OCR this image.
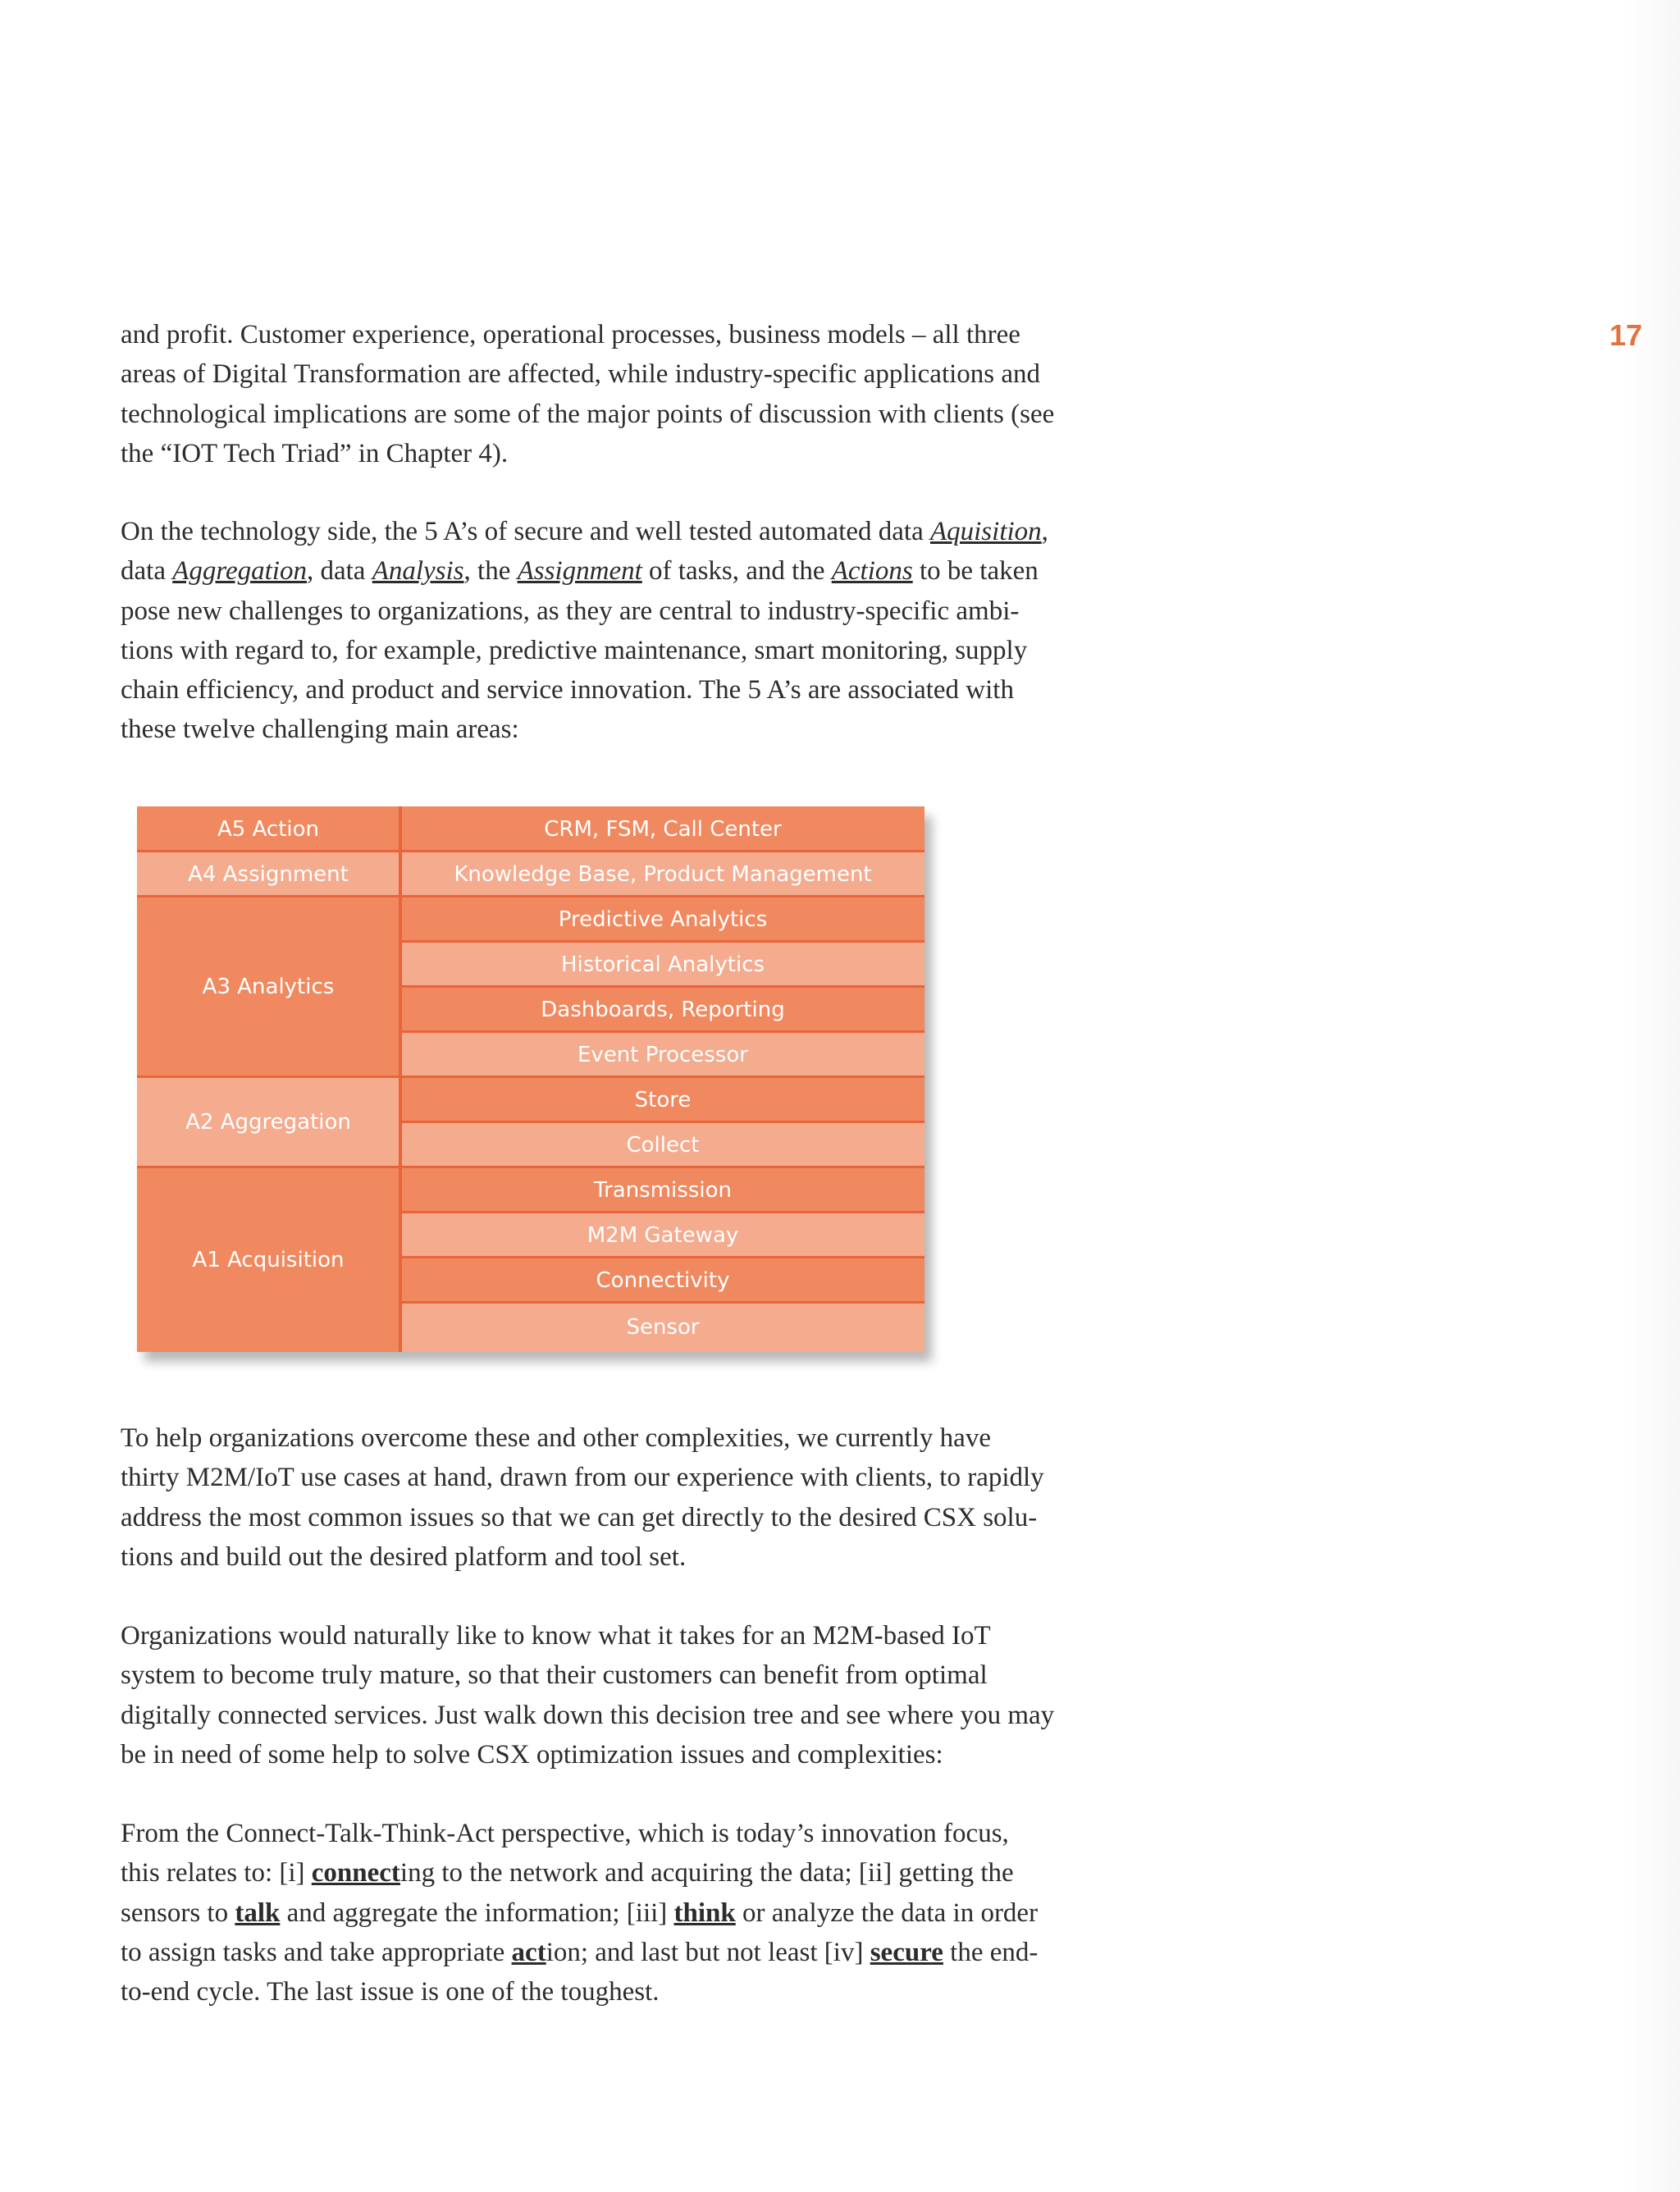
17

and profit. Customer experience, operational processes, business models – all three
areas of Digital Transformation are affected, while industry-specific applications and
technological implications are some of the major points of discussion with clients (see
the “IOT Tech Triad” in Chapter 4).

On the technology side, the 5 A’s of secure and well tested automated data Aquisition,
data Aggregation, data Analysis, the Assignment of tasks, and the Actions to be taken
pose new challenges to organizations, as they are central to industry-specific ambi-
tions with regard to, for example, predictive maintenance, smart monitoring, supply
chain efficiency, and product and service innovation. The 5 A’s are associated with
these twelve challenging main areas:

A5 Action
A4 Assignment
A3 Analytics
A2 Aggregation
A1 Acquisition
CRM, FSM, Call Center
Knowledge Base, Product Management
Predictive Analytics
Historical Analytics
Dashboards, Reporting
Event Processor
Store
Collect
Transmission
M2M Gateway
Connectivity
Sensor

To help organizations overcome these and other complexities, we currently have
thirty M2M/IoT use cases at hand, drawn from our experience with clients, to rapidly
address the most common issues so that we can get directly to the desired CSX solu-
tions and build out the desired platform and tool set.

Organizations would naturally like to know what it takes for an M2M-based IoT
system to become truly mature, so that their customers can benefit from optimal
digitally connected services. Just walk down this decision tree and see where you may
be in need of some help to solve CSX optimization issues and complexities:

From the Connect-Talk-Think-Act perspective, which is today’s innovation focus,
this relates to: [i] connecting to the network and acquiring the data; [ii] getting the
sensors to talk and aggregate the information; [iii] think or analyze the data in order
to assign tasks and take appropriate action; and last but not least [iv] secure the end-
to-end cycle. The last issue is one of the toughest.
